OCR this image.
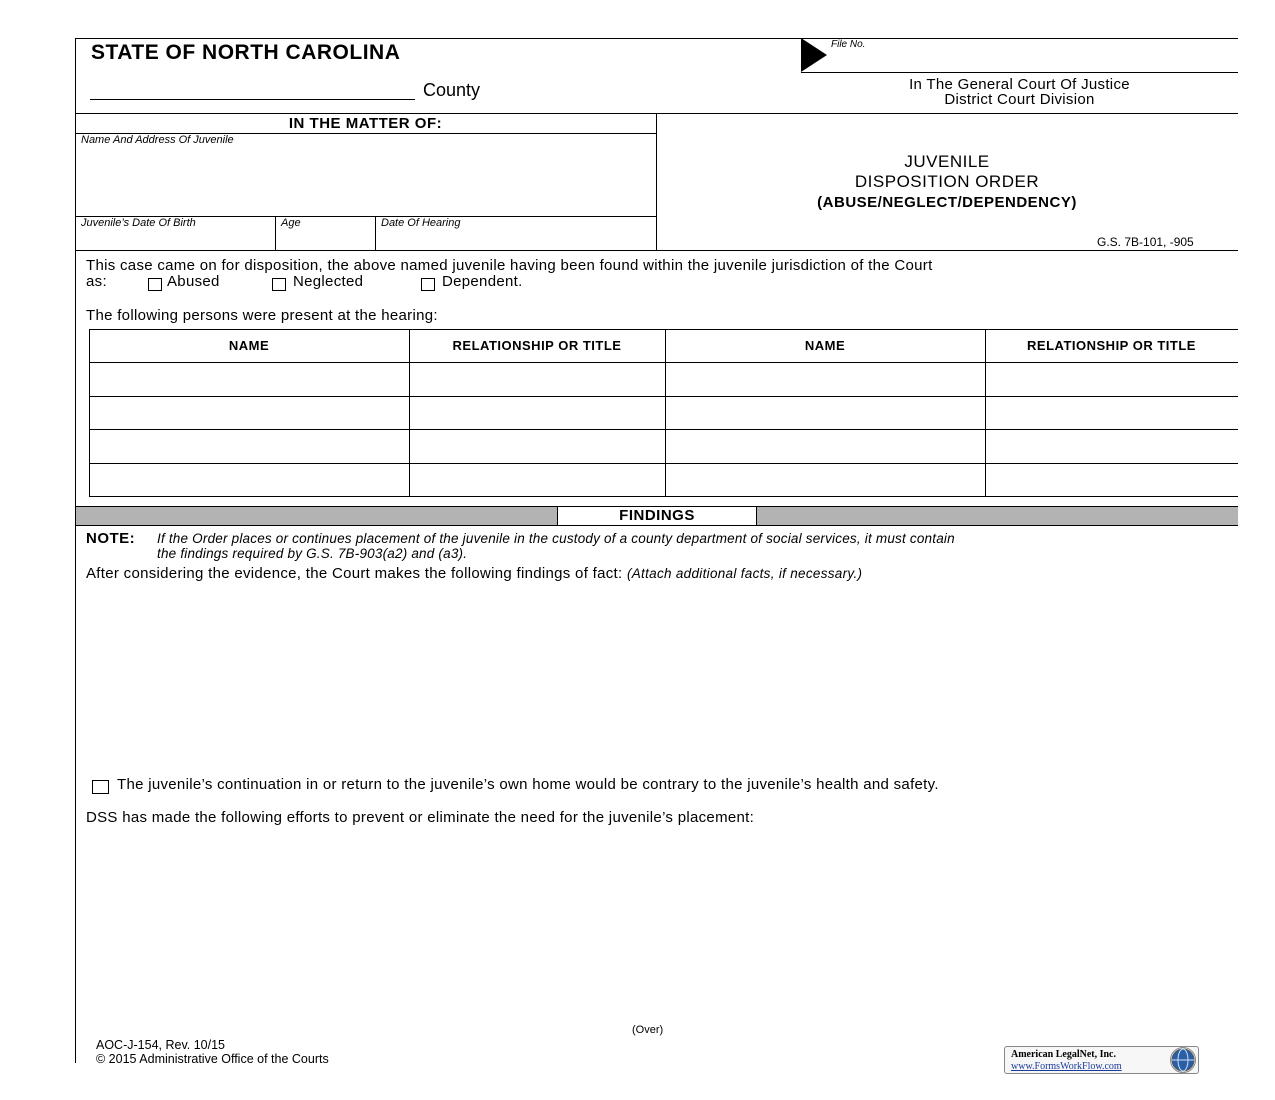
STATE OF NORTH CAROLINA
County
File No.
In The General Court Of Justice
District Court Division
IN THE MATTER OF:
Name And Address Of Juvenile
Juvenile’s Date Of Birth	Age	Date Of Hearing
JUVENILE
DISPOSITION ORDER
(ABUSE/NEGLECT/DEPENDENCY)
G.S. 7B-101, -905
This case came on for disposition, the above named juvenile having been found within the juvenile jurisdiction of the Court
as:	Abused	Neglected	Dependent.
The following persons were present at the hearing:
NAME	RELATIONSHIP OR TITLE	NAME	RELATIONSHIP OR TITLE
FINDINGS
NOTE: If the Order places or continues placement of the juvenile in the custody of a county department of social services, it must contain
the findings required by G.S. 7B-903(a2) and (a3).
After considering the evidence, the Court makes the following findings of fact: (Attach additional facts, if necessary.)
The juvenile’s continuation in or return to the juvenile’s own home would be contrary to the juvenile’s health and safety.
DSS has made the following efforts to prevent or eliminate the need for the juvenile’s placement:
(Over)
AOC-J-154, Rev. 10/15
© 2015 Administrative Office of the Courts	American LegalNet, Inc.
www.FormsWorkFlow.com
